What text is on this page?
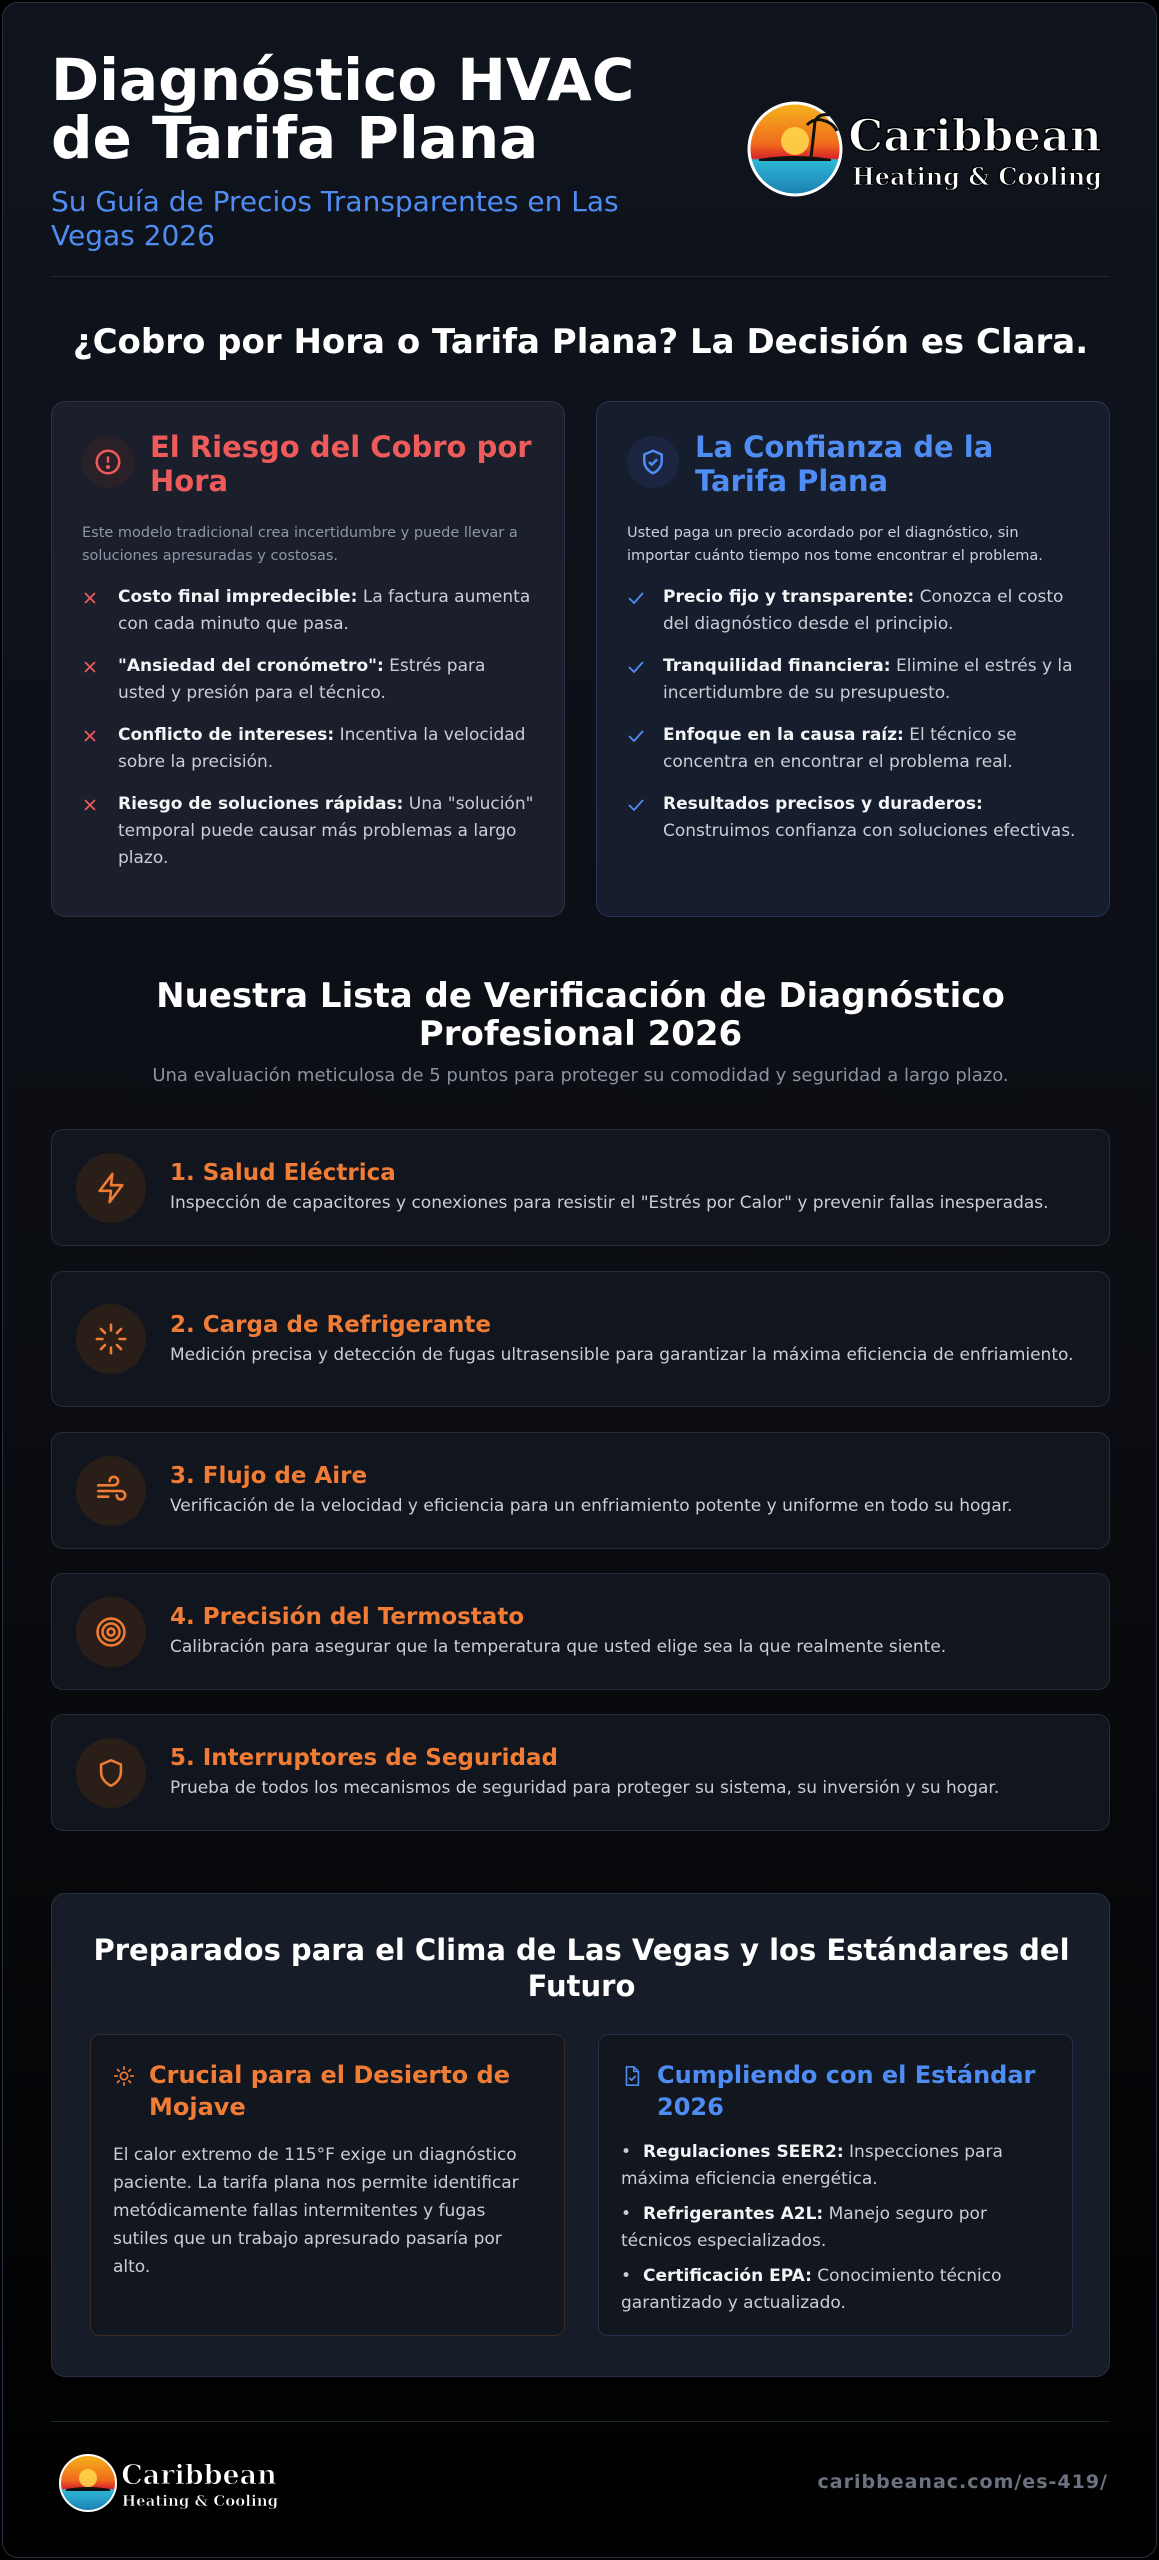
Diagnóstico HVAC de Tarifa Plana

Su Guía de Precios Transparentes en Las Vegas 2026

Caribbean
Heating & Cooling
¿Cobro por Hora o Tarifa Plana? La Decisión es Clara.
El Riesgo del Cobro por Hora

Este modelo tradicional crea incertidumbre y puede llevar a soluciones apresuradas y costosas.

Costo final impredecible: La factura aumenta con cada minuto que pasa.
"Ansiedad del cronómetro": Estrés para usted y presión para el técnico.
Conflicto de intereses: Incentiva la velocidad sobre la precisión.
Riesgo de soluciones rápidas: Una "solución" temporal puede causar más problemas a largo plazo.
La Confianza de la Tarifa Plana

Usted paga un precio acordado por el diagnóstico, sin importar cuánto tiempo nos tome encontrar el problema.

Precio fijo y transparente: Conozca el costo del diagnóstico desde el principio.
Tranquilidad financiera: Elimine el estrés y la incertidumbre de su presupuesto.
Enfoque en la causa raíz: El técnico se concentra en encontrar el problema real.
Resultados precisos y duraderos: Construimos confianza con soluciones efectivas.
Nuestra Lista de Verificación de Diagnóstico Profesional 2026

Una evaluación meticulosa de 5 puntos para proteger su comodidad y seguridad a largo plazo.

1. Salud Eléctrica
Inspección de capacitores y conexiones para resistir el "Estrés por Calor" y prevenir fallas inesperadas.
2. Carga de Refrigerante
Medición precisa y detección de fugas ultrasensible para garantizar la máxima eficiencia de enfriamiento.
3. Flujo de Aire
Verificación de la velocidad y eficiencia para un enfriamiento potente y uniforme en todo su hogar.
4. Precisión del Termostato
Calibración para asegurar que la temperatura que usted elige sea la que realmente siente.
5. Interruptores de Seguridad
Prueba de todos los mecanismos de seguridad para proteger su sistema, su inversión y su hogar.
Preparados para el Clima de Las Vegas y los Estándares del Futuro
Crucial para el Desierto de Mojave

El calor extremo de 115°F exige un diagnóstico paciente. La tarifa plana nos permite identificar metódicamente fallas intermitentes y fugas sutiles que un trabajo apresurado pasaría por alto.

Cumpliendo con el Estándar 2026
• Regulaciones SEER2: Inspecciones para máxima eficiencia energética.
• Refrigerantes A2L: Manejo seguro por técnicos especializados.
• Certificación EPA: Conocimiento técnico garantizado y actualizado.
Caribbean
Heating & Cooling
caribbeanac.com/es-419/
